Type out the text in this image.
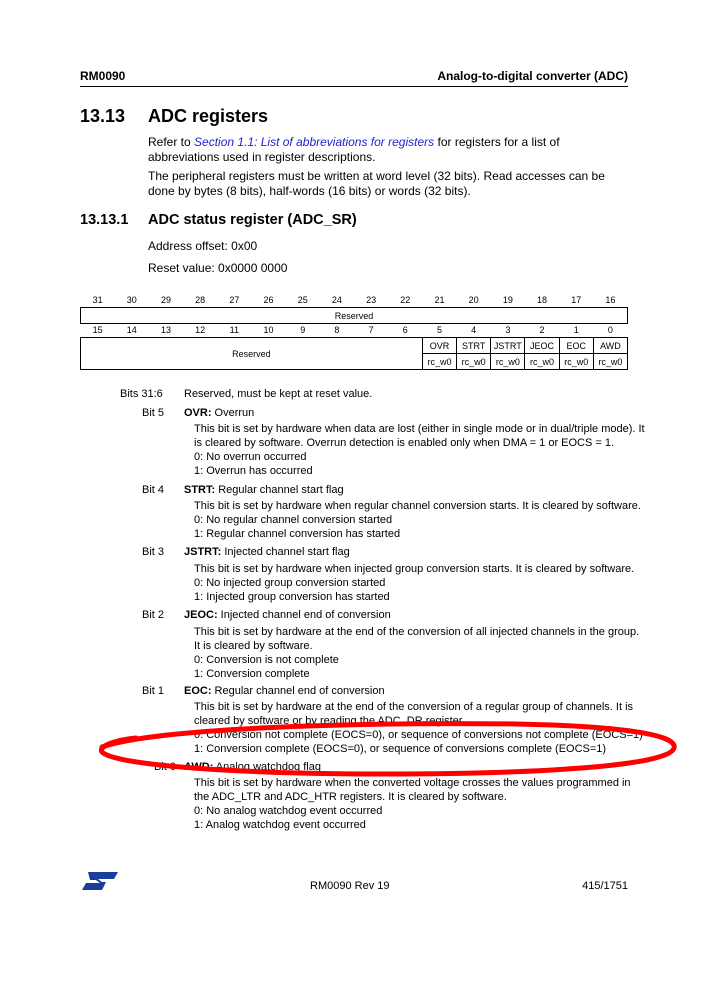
RM0090	Analog-to-digital converter (ADC)
13.13 ADC registers
Refer to Section 1.1: List of abbreviations for registers for registers for a list of abbreviations used in register descriptions.
The peripheral registers must be written at word level (32 bits). Read accesses can be done by bytes (8 bits), half-words (16 bits) or words (32 bits).
13.13.1 ADC status register (ADC_SR)
Address offset: 0x00
Reset value: 0x0000 0000
31	30	29	28	27	26	25	24	23	22	21	20	19	18	17	16
Reserved
15	14	13	12	11	10	9	8	7	6	5	4	3	2	1	0
Reserved										OVR	STRT	JSTRT	JEOC	EOC	AWD
										rc_w0	rc_w0	rc_w0	rc_w0	rc_w0	rc_w0
Bits 31:6 Reserved, must be kept at reset value.
Bit 5 OVR: Overrun
This bit is set by hardware when data are lost (either in single mode or in dual/triple mode). It
is cleared by software. Overrun detection is enabled only when DMA = 1 or EOCS = 1.
0: No overrun occurred
1: Overrun has occurred
Bit 4 STRT: Regular channel start flag
This bit is set by hardware when regular channel conversion starts. It is cleared by software.
0: No regular channel conversion started
1: Regular channel conversion has started
Bit 3 JSTRT: Injected channel start flag
This bit is set by hardware when injected group conversion starts. It is cleared by software.
0: No injected group conversion started
1: Injected group conversion has started
Bit 2 JEOC: Injected channel end of conversion
This bit is set by hardware at the end of the conversion of all injected channels in the group.
It is cleared by software.
0: Conversion is not complete
1: Conversion complete
Bit 1 EOC: Regular channel end of conversion
This bit is set by hardware at the end of the conversion of a regular group of channels. It is
cleared by software or by reading the ADC_DR register.
0: Conversion not complete (EOCS=0), or sequence of conversions not complete (EOCS=1)
1: Conversion complete (EOCS=0), or sequence of conversions complete (EOCS=1)
Bit 0 AWD: Analog watchdog flag
This bit is set by hardware when the converted voltage crosses the values programmed in
the ADC_LTR and ADC_HTR registers. It is cleared by software.
0: No analog watchdog event occurred
1: Analog watchdog event occurred
RM0090 Rev 19	415/1751
